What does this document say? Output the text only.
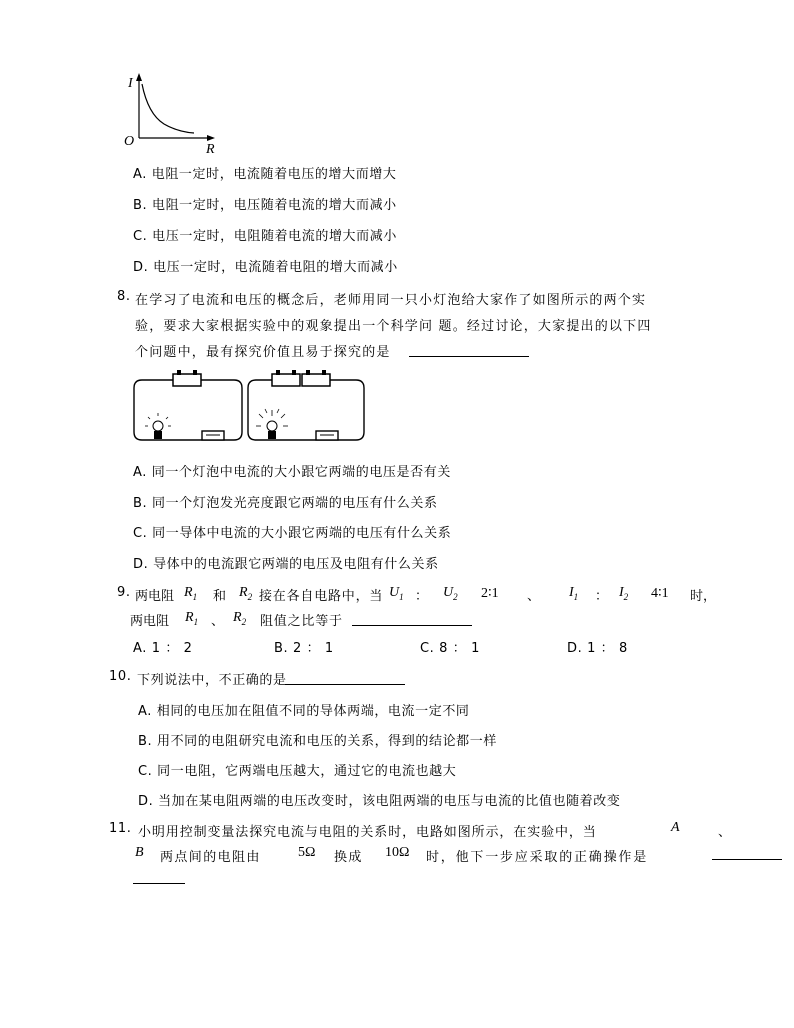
I
O
R
A. 电阻一定时，电流随着电压的增大而增大
B. 电阻一定时，电压随着电流的增大而减小
C. 电压一定时，电阻随着电流的增大而减小
D. 电压一定时，电流随着电阻的增大而减小
8. 在学习了电流和电压的概念后，老师用同一只小灯泡给大家作了如图所示的两个实
验，要求大家根据实验中的观象提出一个科学问 题。经过讨论，大家提出的以下四
个问题中，最有探究价值且易于探究的是
A. 同一个灯泡中电流的大小跟它两端的电压是否有关
B. 同一个灯泡发光亮度跟它两端的电压有什么关系
C. 同一导体中电流的大小跟它两端的电压有什么关系
D. 导体中的电流跟它两端的电压及电阻有什么关系
9. 两电阻 $R_1$ 和 $R_2$ 接在各自电路中，当 $U_1$ ： $U_2$ 2∶1 、 $I_1$ ： $I_2$ 4∶1 时，
两电阻 $R_1$ 、 $R_2$ 阻值之比等于
A. 1 ： 2	B. 2 ： 1	C. 8 ： 1	D. 1 ： 8
10. 下列说法中，不正确的是
A. 相同的电压加在阻值不同的导体两端，电流一定不同
B. 用不同的电阻研究电流和电压的关系，得到的结论都一样
C. 同一电阻，它两端电压越大，通过它的电流也越大
D. 当加在某电阻两端的电压改变时，该电阻两端的电压与电流的比值也随着改变
11. 小明用控制变量法探究电流与电阻的关系时，电路如图所示，在实验中，当	A	、
B 两点间的电阻由	5Ω 换成 10Ω 时，他下一步应采取的正确操作是
